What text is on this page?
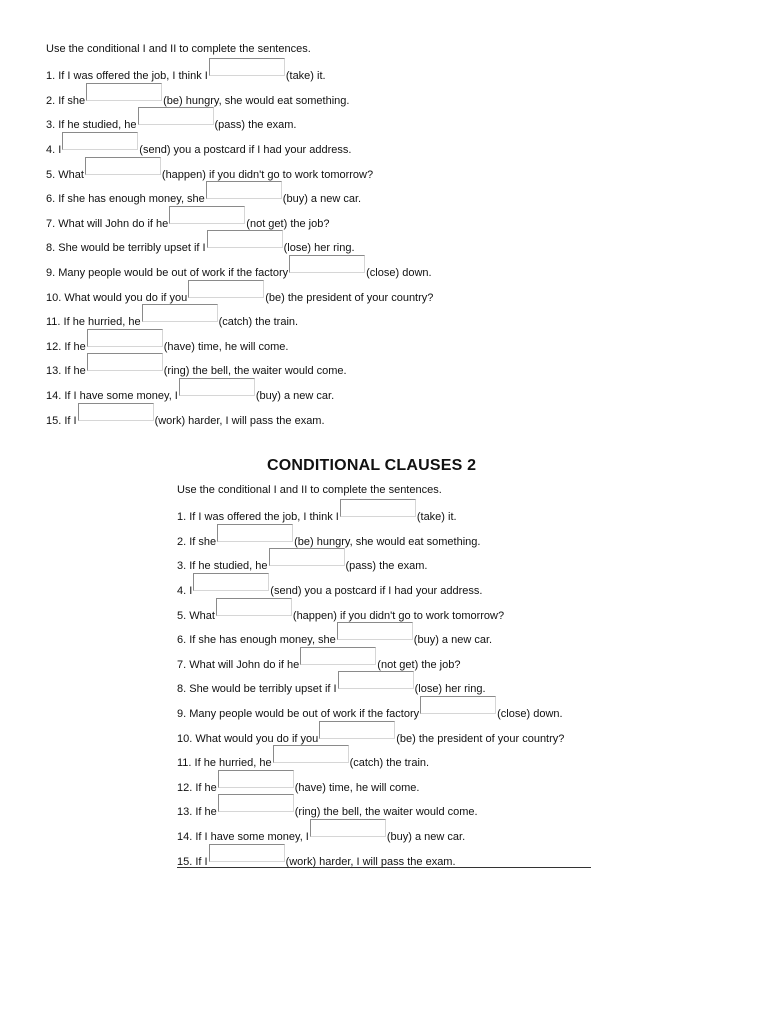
Use the conditional I and II to complete the sentences.
1. If I was offered the job, I think I	(take) it.
2. If she	(be) hungry, she would eat something.
3. If he studied, he	(pass) the exam.
4. I	(send) you a postcard if I had your address.
5. What	(happen) if you didn't go to work tomorrow?
6. If she has enough money, she	(buy) a new car.
7. What will John do if he	(not get) the job?
8. She would be terribly upset if I	(lose) her ring.
9. Many people would be out of work if the factory	(close) down.
10. What would you do if you	(be) the president of your country?
11. If he hurried, he	(catch) the train.
12. If he	(have) time, he will come.
13. If he	(ring) the bell, the waiter would come.
14. If I have some money, I	(buy) a new car.
15. If I	(work) harder, I will pass the exam.
CONDITIONAL CLAUSES 2
Use the conditional I and II to complete the sentences.
1. If I was offered the job, I think I	(take) it.
2. If she	(be) hungry, she would eat something.
3. If he studied, he	(pass) the exam.
4. I	(send) you a postcard if I had your address.
5. What	(happen) if you didn't go to work tomorrow?
6. If she has enough money, she	(buy) a new car.
7. What will John do if he	(not get) the job?
8. She would be terribly upset if I	(lose) her ring.
9. Many people would be out of work if the factory	(close) down.
10. What would you do if you	(be) the president of your country?
11. If he hurried, he	(catch) the train.
12. If he	(have) time, he will come.
13. If he	(ring) the bell, the waiter would come.
14. If I have some money, I	(buy) a new car.
15. If I	(work) harder, I will pass the exam.
